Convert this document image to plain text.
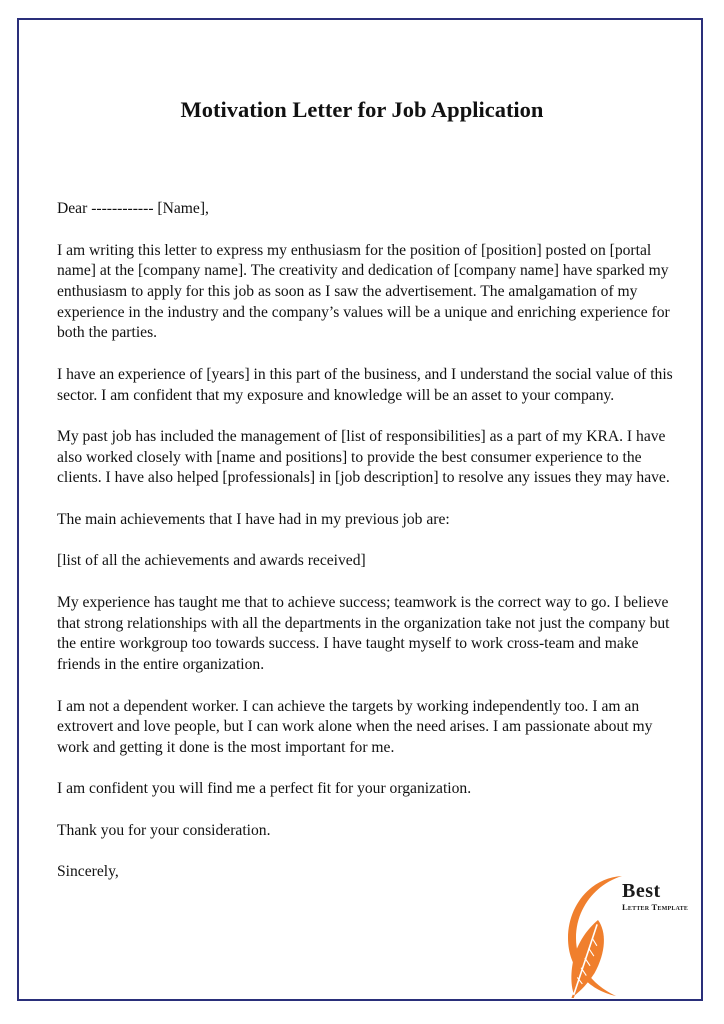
Motivation Letter for Job Application

Dear ------------ [Name],

I am writing this letter to express my enthusiasm for the position of [position] posted on [portal name] at the [company name]. The creativity and dedication of [company name] have sparked my enthusiasm to apply for this job as soon as I saw the advertisement. The amalgamation of my experience in the industry and the company’s values will be a unique and enriching experience for both the parties.

I have an experience of [years] in this part of the business, and I understand the social value of this sector. I am confident that my exposure and knowledge will be an asset to your company.

My past job has included the management of [list of responsibilities] as a part of my KRA. I have also worked closely with [name and positions] to provide the best consumer experience to the clients. I have also helped [professionals] in [job description] to resolve any issues they may have.

The main achievements that I have had in my previous job are:

[list of all the achievements and awards received]

My experience has taught me that to achieve success; teamwork is the correct way to go. I believe that strong relationships with all the departments in the organization take not just the company but the entire workgroup too towards success. I have taught myself to work cross-team and make friends in the entire organization.

I am not a dependent worker. I can achieve the targets by working independently too. I am an extrovert and love people, but I can work alone when the need arises. I am passionate about my work and getting it done is the most important for me.

I am confident you will find me a perfect fit for your organization.

Thank you for your consideration.

Sincerely,

Best
Letter Template
